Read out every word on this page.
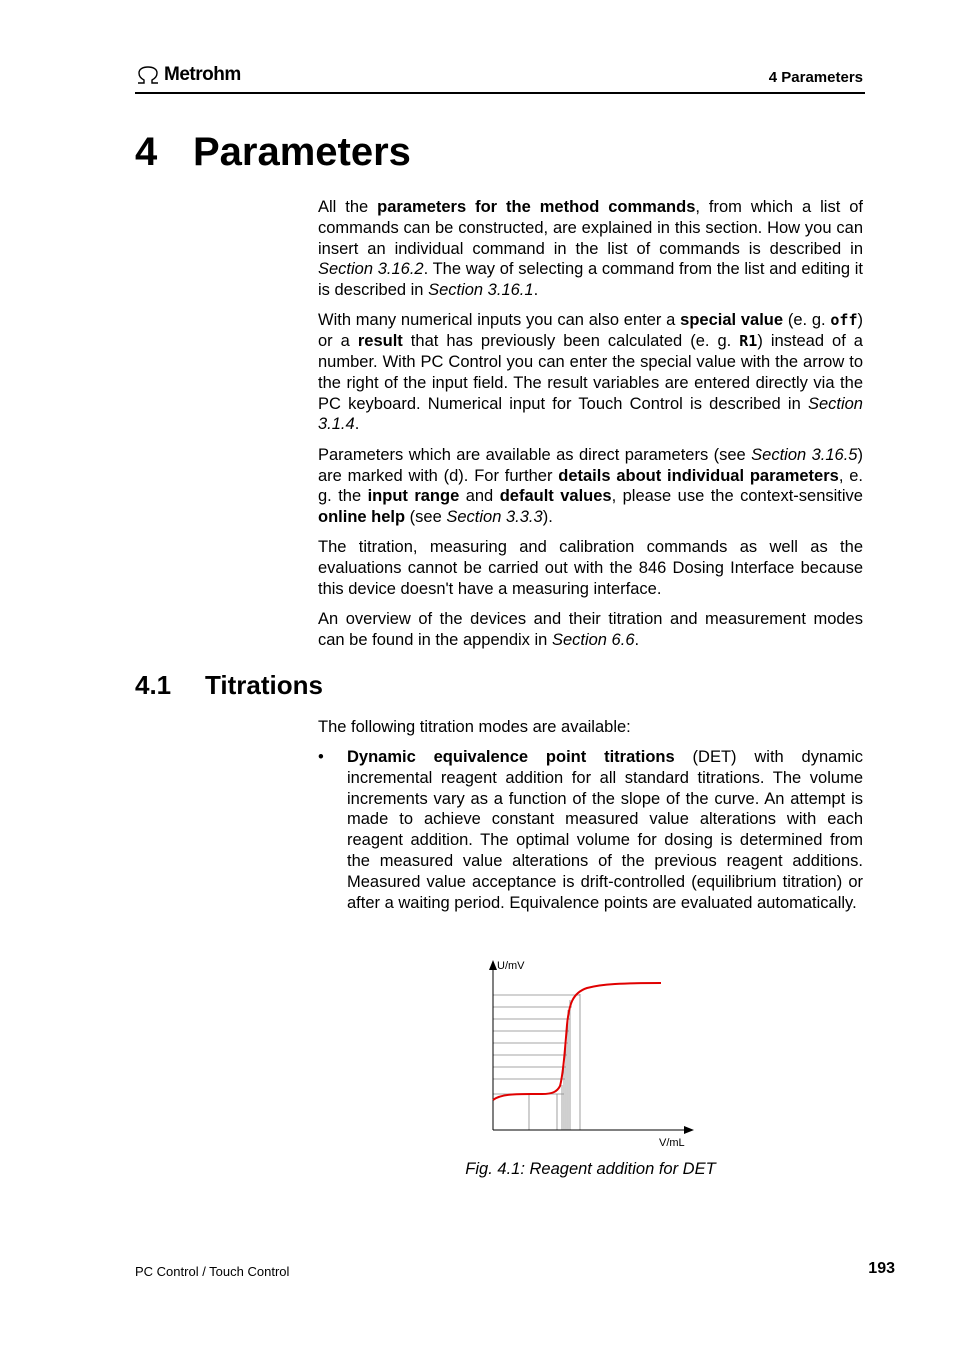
Metrohm	4 Parameters
4 Parameters

All the parameters for the method commands, from which a list of commands can be constructed, are explained in this section. How you can insert an individual command in the list of commands is described in Section 3.16.2. The way of selecting a command from the list and editing it is described in Section 3.16.1.

With many numerical inputs you can also enter a special value (e. g. off) or a result that has previously been calculated (e. g. R1) instead of a number. With PC Control you can enter the special value with the arrow to the right of the input field. The result variables are entered directly via the PC keyboard. Numerical input for Touch Control is described in Section 3.1.4.

Parameters which are available as direct parameters (see Section 3.16.5) are marked with (d). For further details about individual parameters, e. g. the input range and default values, please use the context-sensitive online help (see Section 3.3.3).

The titration, measuring and calibration commands as well as the evaluations cannot be carried out with the 846 Dosing Interface because this device doesn't have a measuring interface.

An overview of the devices and their titration and measurement modes can be found in the appendix in Section 6.6.

4.1 Titrations

The following titration modes are available:

• Dynamic equivalence point titrations (DET) with dynamic incremental reagent addition for all standard titrations. The volume increments vary as a function of the slope of the curve. An attempt is made to achieve constant measured value alterations with each reagent addition. The optimal volume for dosing is determined from the measured value alterations of the previous reagent additions. Measured value acceptance is drift-controlled (equilibrium titration) or after a waiting period. Equivalence points are evaluated automatically.
U/mV
V/mL
Fig. 4.1: Reagent addition for DET
PC Control / Touch Control	193
